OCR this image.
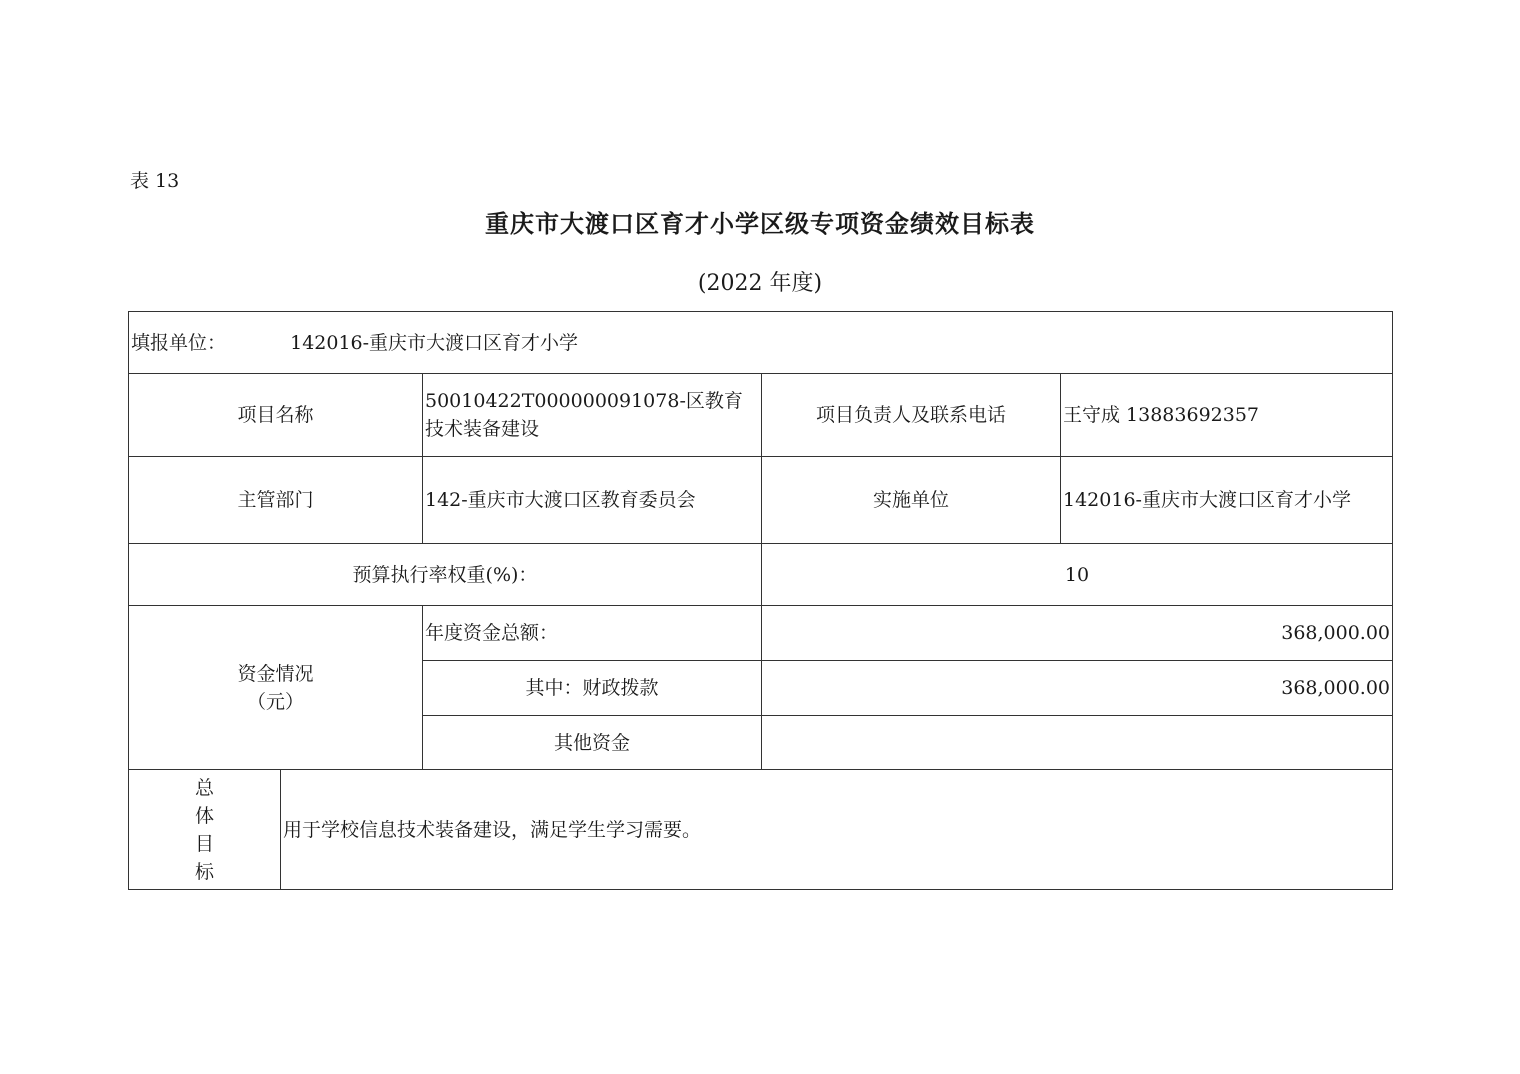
表 13
重庆市大渡口区育才小学区级专项资金绩效目标表
(2022 年度)
填报单位： 142016-重庆市大渡口区育才小学				
项目名称		50010422T000000091078-区教育技术装备建设	项目负责人及联系电话	王守成 13883692357
主管部门		142-重庆市大渡口区教育委员会	实施单位	142016-重庆市大渡口区育才小学
预算执行率权重(%)：			10	

资金情况
（元）		年度资金总额：	368,000.00	
		其中：财政拨款	368,000.00	
		其他资金		

总
体
目
标	用于学校信息技术装备建设，满足学生学习需要。			
